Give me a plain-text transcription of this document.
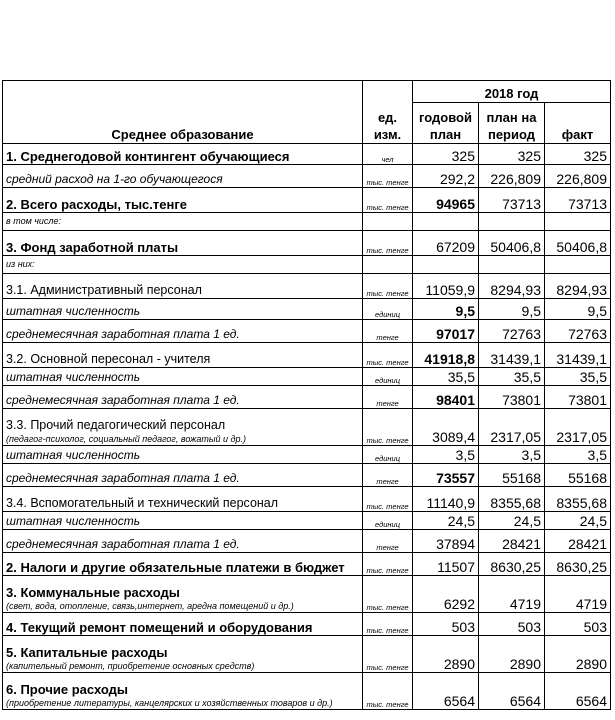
Среднее образование	ед. изм.	2018 год		
		годовой план	план на период	факт
1. Среднегодовой контингент обучающиеся	чел	325	325	325
средний расход на 1-го обучающегося	тыс. тенге	292,2	226,809	226,809
2. Всего расходы, тыс.тенге	тыс. тенге	94965	73713	73713
в том числе:				
3. Фонд заработной платы	тыс. тенге	67209	50406,8	50406,8
из них:				
3.1. Административный персонал	тыс. тенге	11059,9	8294,93	8294,93
штатная численность	единиц	9,5	9,5	9,5
среднемесячная заработная плата 1 ед.	тенге	97017	72763	72763
3.2. Основной пересонал - учителя	тыс. тенге	41918,8	31439,1	31439,1
штатная численность	единиц	35,5	35,5	35,5
среднемесячная заработная плата 1 ед.	тенге	98401	73801	73801
3.3. Прочий педагогический персонал
(педагог-психолог, социальный педагог, вожатый и др.)	тыс. тенге	3089,4	2317,05	2317,05
штатная численность	единиц	3,5	3,5	3,5
среднемесячная заработная плата 1 ед.	тенге	73557	55168	55168
3.4. Вспомогательный и технический персонал	тыс. тенге	11140,9	8355,68	8355,68
штатная численность	единиц	24,5	24,5	24,5
среднемесячная заработная плата 1 ед.	тенге	37894	28421	28421
2. Налоги и другие обязательные платежи в бюджет	тыс. тенге	11507	8630,25	8630,25
3. Коммунальные расходы
(свет, вода, отопление, связь,интернет, аредна помещений и др.)	тыс. тенге	6292	4719	4719
4. Текущий ремонт помещений и оборудования	тыс. тенге	503	503	503
5. Капитальные расходы
(капительный ремонт, приобретение основных средств)	тыс. тенге	2890	2890	2890
6. Прочие расходы
(приобретение литературы, канцелярских и хозяйственных товаров и др.)	тыс. тенге	6564	6564	6564
